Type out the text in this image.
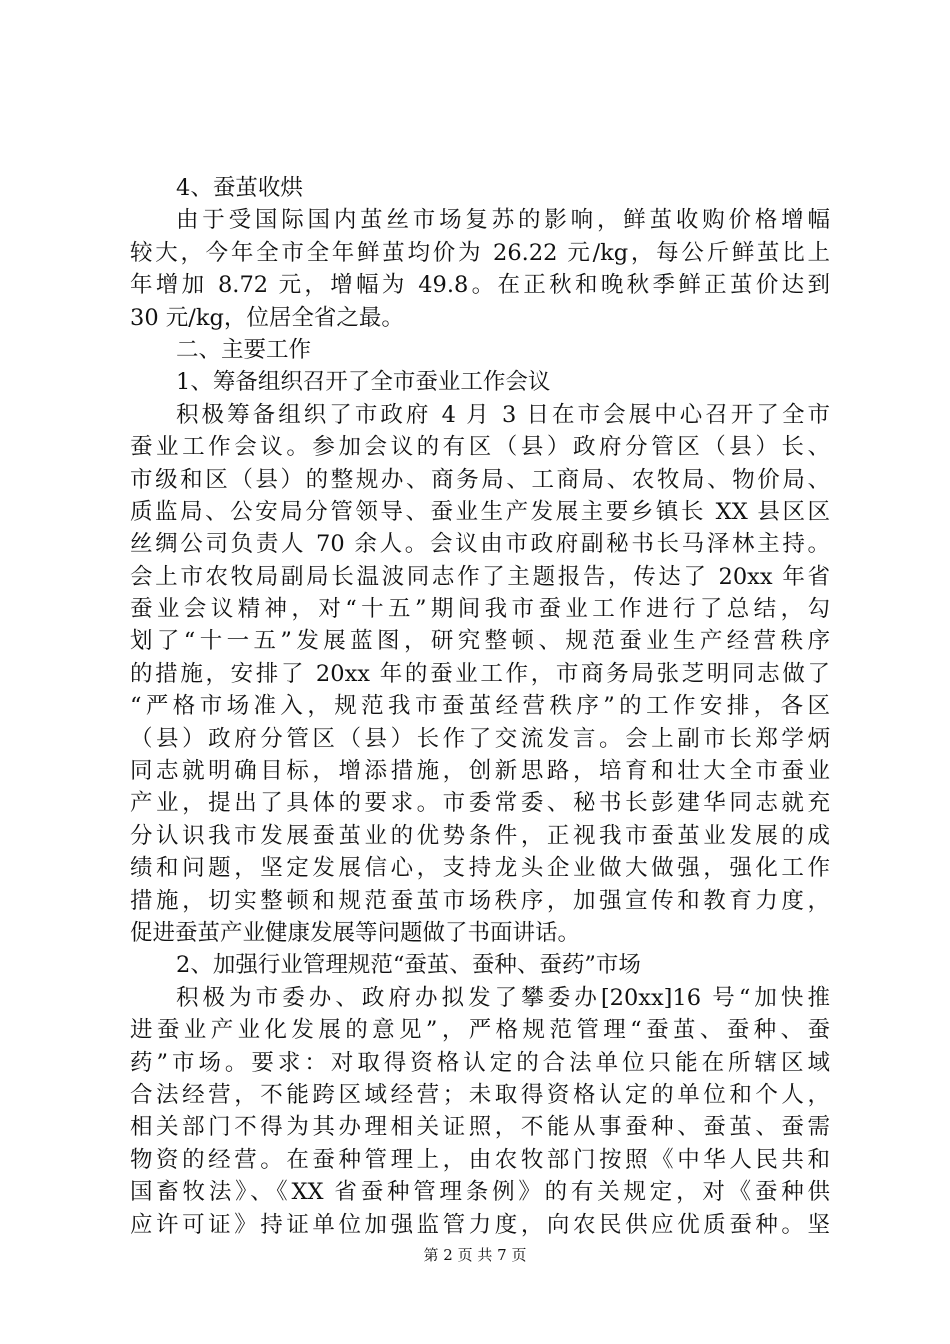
4、蚕茧收烘
由于受国际国内茧丝市场复苏的影响，鲜茧收购价格增幅
较大，今年全市全年鲜茧均价为 26.22 元/kg，每公斤鲜茧比上
年增加 8.72 元，增幅为 49.8。在正秋和晚秋季鲜正茧价达到
30 元/kg，位居全省之最。
二、主要工作
1、筹备组织召开了全市蚕业工作会议
积极筹备组织了市政府 4 月 3 日在市会展中心召开了全市
蚕业工作会议。参加会议的有区（县）政府分管区（县）长、
市级和区（县）的整规办、商务局、工商局、农牧局、物价局、
质监局、公安局分管领导、蚕业生产发展主要乡镇长 XX 县区区
丝绸公司负责人 70 余人。会议由市政府副秘书长马泽林主持。
会上市农牧局副局长温波同志作了主题报告，传达了 20xx 年省
蚕业会议精神，对“十五”期间我市蚕业工作进行了总结，勾
划了“十一五”发展蓝图，研究整顿、规范蚕业生产经营秩序
的措施，安排了 20xx 年的蚕业工作，市商务局张芝明同志做了
“严格市场准入，规范我市蚕茧经营秩序”的工作安排，各区
（县）政府分管区（县）长作了交流发言。会上副市长郑学炳
同志就明确目标，增添措施，创新思路，培育和壮大全市蚕业
产业，提出了具体的要求。市委常委、秘书长彭建华同志就充
分认识我市发展蚕茧业的优势条件，正视我市蚕茧业发展的成
绩和问题，坚定发展信心，支持龙头企业做大做强，强化工作
措施，切实整顿和规范蚕茧市场秩序，加强宣传和教育力度，
促进蚕茧产业健康发展等问题做了书面讲话。
2、加强行业管理规范“蚕茧、蚕种、蚕药”市场
积极为市委办、政府办拟发了攀委办[20xx]16 号“加快推
进蚕业产业化发展的意见”，严格规范管理“蚕茧、蚕种、蚕
药”市场。要求：对取得资格认定的合法单位只能在所辖区域
合法经营，不能跨区域经营；未取得资格认定的单位和个人，
相关部门不得为其办理相关证照，不能从事蚕种、蚕茧、蚕需
物资的经营。在蚕种管理上，由农牧部门按照《中华人民共和
国畜牧法》、《XX 省蚕种管理条例》的有关规定，对《蚕种供
应许可证》持证单位加强监管力度，向农民供应优质蚕种。坚
第 2 页 共 7 页
